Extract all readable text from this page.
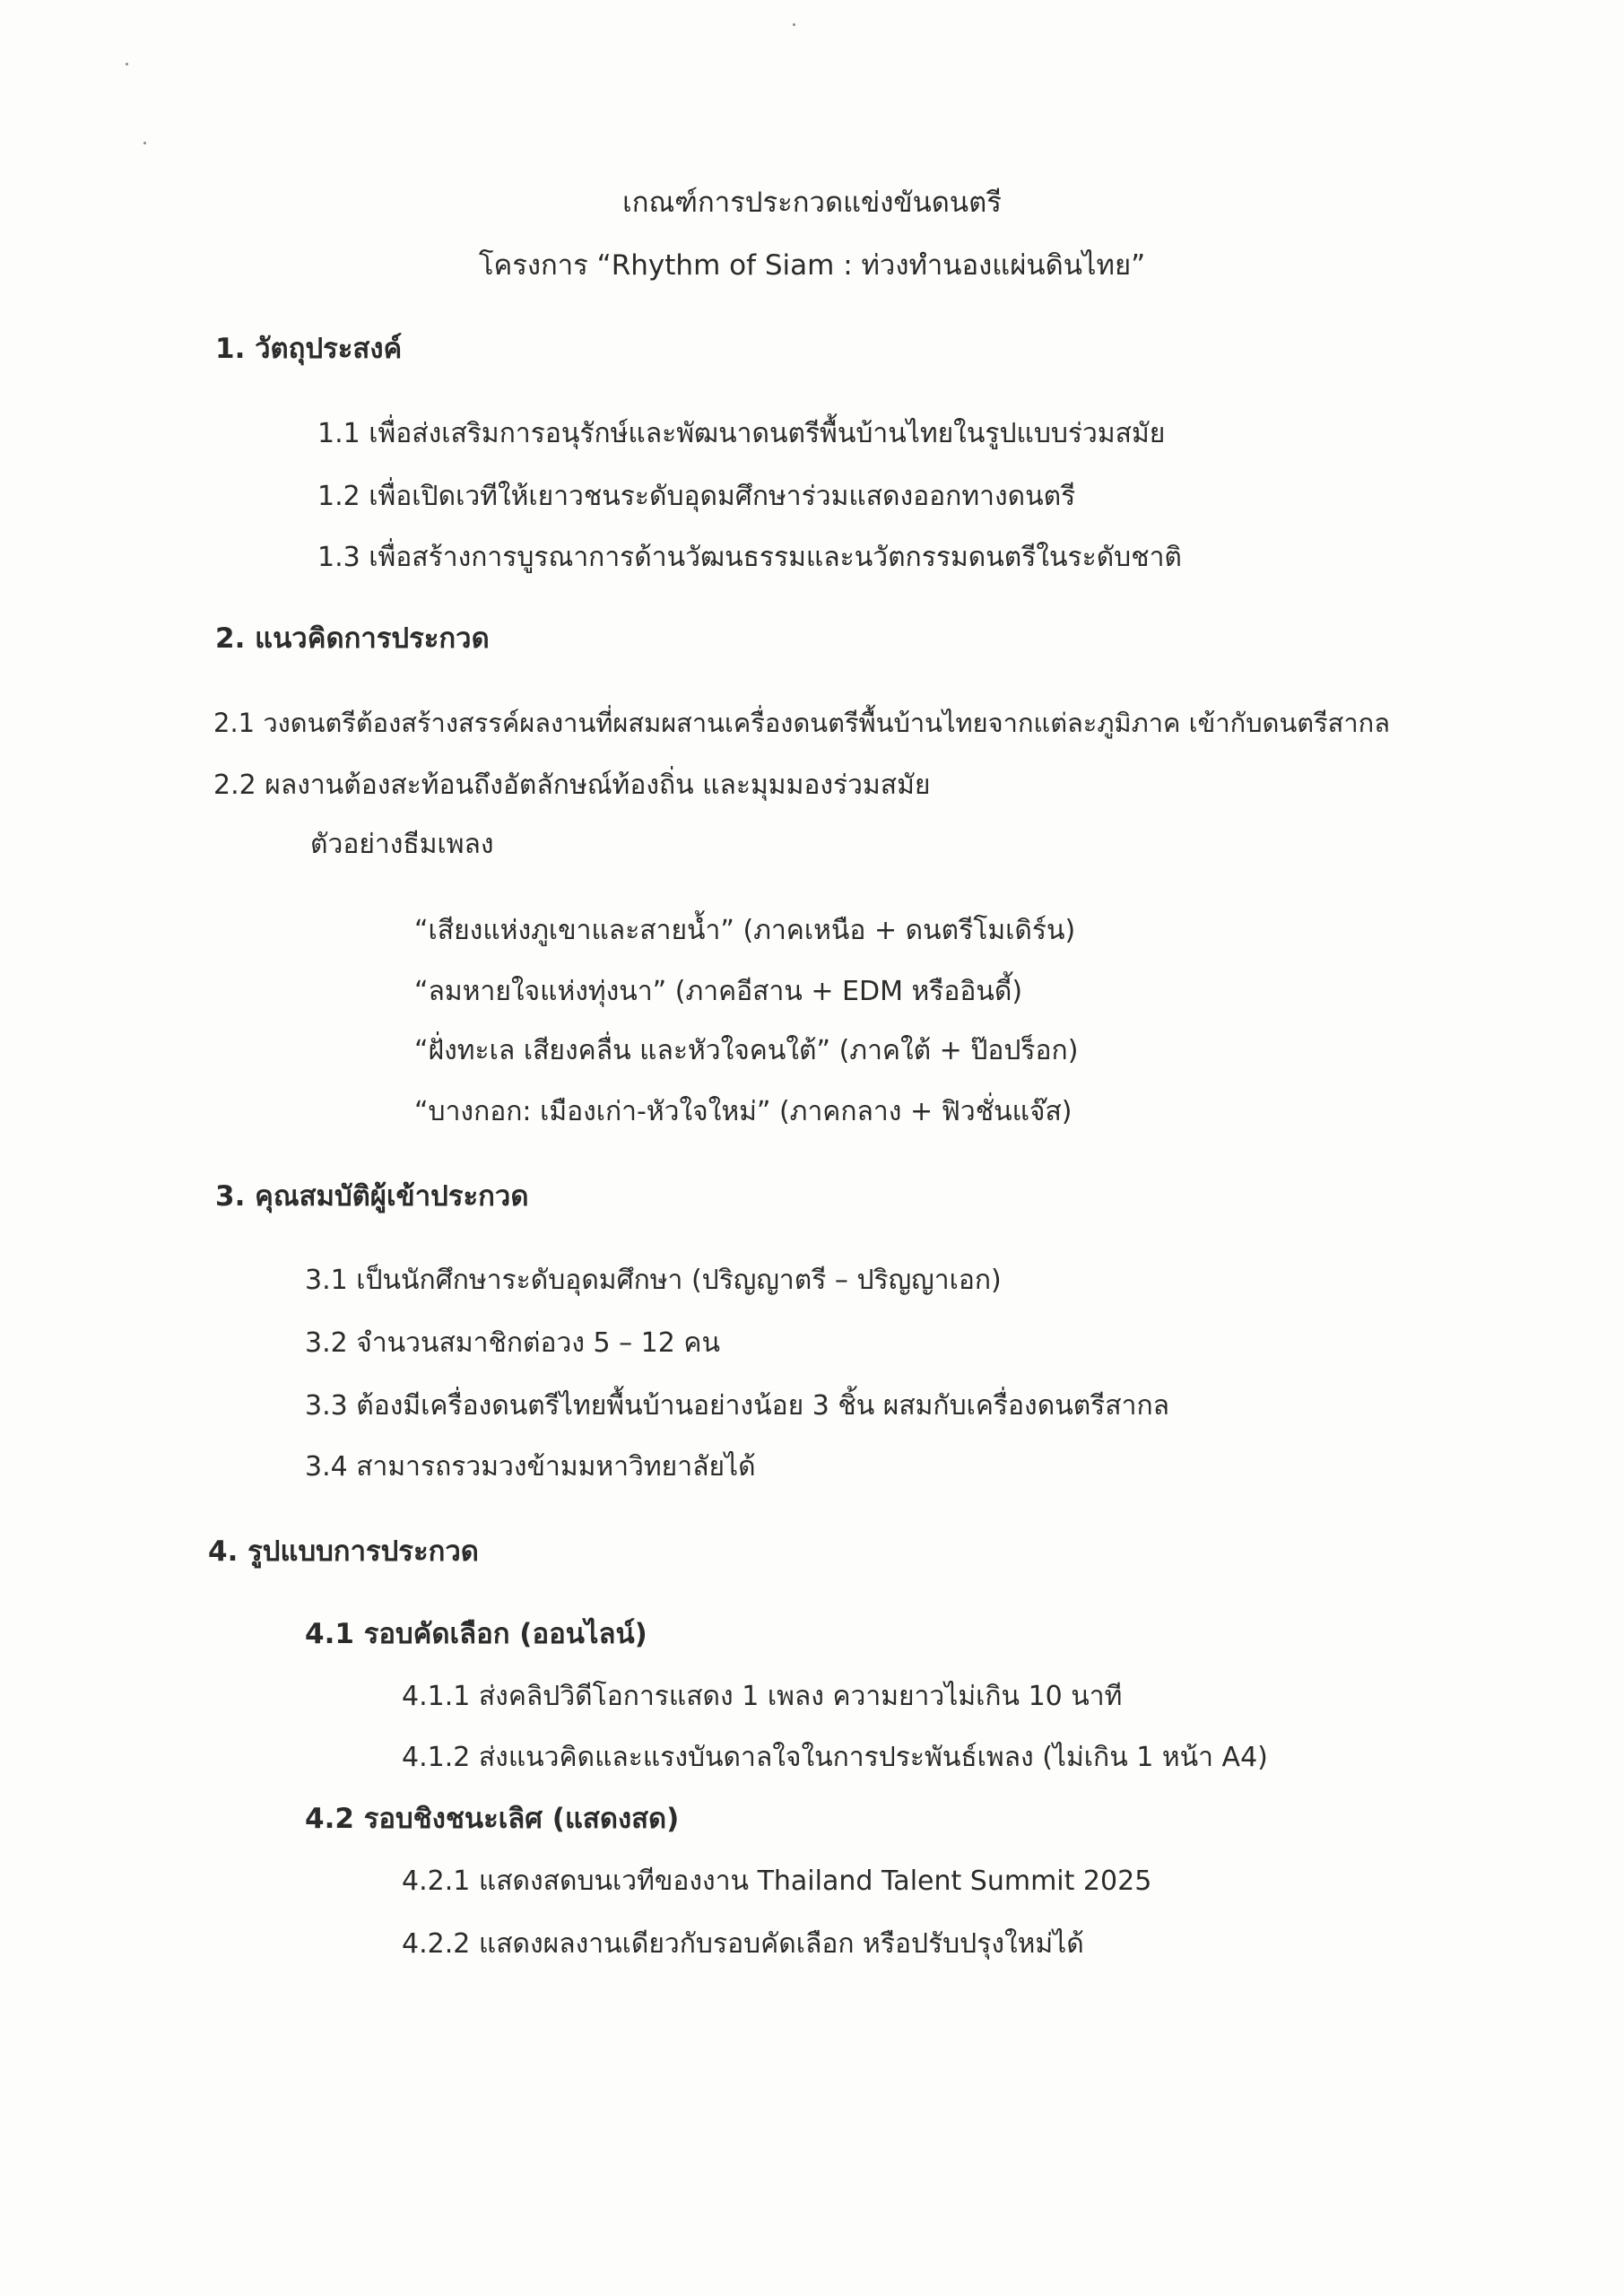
เกณฑ์การประกวดแข่งขันดนตรี
โครงการ “Rhythm of Siam : ท่วงทำนองแผ่นดินไทย”
1. วัตถุประสงค์
1.1 เพื่อส่งเสริมการอนุรักษ์และพัฒนาดนตรีพื้นบ้านไทยในรูปแบบร่วมสมัย
1.2 เพื่อเปิดเวทีให้เยาวชนระดับอุดมศึกษาร่วมแสดงออกทางดนตรี
1.3 เพื่อสร้างการบูรณาการด้านวัฒนธรรมและนวัตกรรมดนตรีในระดับชาติ
2. แนวคิดการประกวด
2.1 วงดนตรีต้องสร้างสรรค์ผลงานที่ผสมผสานเครื่องดนตรีพื้นบ้านไทยจากแต่ละภูมิภาค เข้ากับดนตรีสากล
2.2 ผลงานต้องสะท้อนถึงอัตลักษณ์ท้องถิ่น และมุมมองร่วมสมัย
ตัวอย่างธีมเพลง
“เสียงแห่งภูเขาและสายน้ำ” (ภาคเหนือ + ดนตรีโมเดิร์น)
“ลมหายใจแห่งทุ่งนา” (ภาคอีสาน + EDM หรืออินดี้)
“ฝั่งทะเล เสียงคลื่น และหัวใจคนใต้” (ภาคใต้ + ป๊อปร็อก)
“บางกอก: เมืองเก่า-หัวใจใหม่” (ภาคกลาง + ฟิวชั่นแจ๊ส)
3. คุณสมบัติผู้เข้าประกวด
3.1 เป็นนักศึกษาระดับอุดมศึกษา (ปริญญาตรี – ปริญญาเอก)
3.2 จำนวนสมาชิกต่อวง 5 – 12 คน
3.3 ต้องมีเครื่องดนตรีไทยพื้นบ้านอย่างน้อย 3 ชิ้น ผสมกับเครื่องดนตรีสากล
3.4 สามารถรวมวงข้ามมหาวิทยาลัยได้
4. รูปแบบการประกวด
4.1 รอบคัดเลือก (ออนไลน์)
4.1.1 ส่งคลิปวิดีโอการแสดง 1 เพลง ความยาวไม่เกิน 10 นาที
4.1.2 ส่งแนวคิดและแรงบันดาลใจในการประพันธ์เพลง (ไม่เกิน 1 หน้า A4)
4.2 รอบชิงชนะเลิศ (แสดงสด)
4.2.1 แสดงสดบนเวทีของงาน Thailand Talent Summit 2025
4.2.2 แสดงผลงานเดียวกับรอบคัดเลือก หรือปรับปรุงใหม่ได้
